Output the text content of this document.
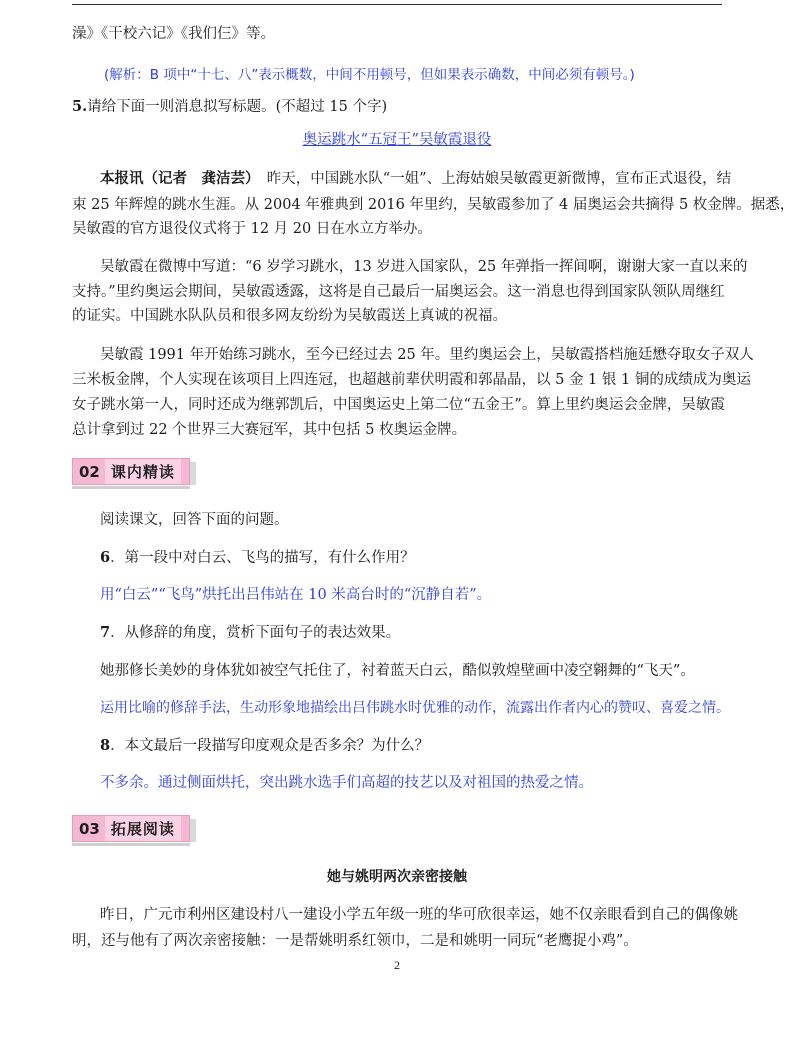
澡》《干校六记》《我们仨》等。
(解析：B 项中“十七、八”表示概数，中间不用顿号，但如果表示确数，中间必须有顿号。)
5.请给下面一则消息拟写标题。(不超过 15 个字)
奥运跳水“五冠王”吴敏霞退役
本报讯（记者　龚洁芸）　昨天，中国跳水队“一姐”、上海姑娘吴敏霞更新微博，宣布正式退役，结
束 25 年辉煌的跳水生涯。从 2004 年雅典到 2016 年里约，吴敏霞参加了 4 届奥运会共摘得 5 枚金牌。据悉，
吴敏霞的官方退役仪式将于 12 月 20 日在水立方举办。
吴敏霞在微博中写道：“6 岁学习跳水，13 岁进入国家队，25 年弹指一挥间啊，谢谢大家一直以来的
支持。”里约奥运会期间，吴敏霞透露，这将是自己最后一届奥运会。这一消息也得到国家队领队周继红
的证实。中国跳水队队员和很多网友纷纷为吴敏霞送上真诚的祝福。
吴敏霞 1991 年开始练习跳水，至今已经过去 25 年。里约奥运会上，吴敏霞搭档施廷懋夺取女子双人
三米板金牌，个人实现在该项目上四连冠，也超越前辈伏明霞和郭晶晶，以 5 金 1 银 1 铜的成绩成为奥运
女子跳水第一人，同时还成为继郭凯后，中国奥运史上第二位“五金王”。算上里约奥运会金牌，吴敏霞
总计拿到过 22 个世界三大赛冠军，其中包括 5 枚奥运金牌。
02 课内精读
阅读课文，回答下面的问题。
6．第一段中对白云、飞鸟的描写，有什么作用？
用“白云”“飞鸟”烘托出吕伟站在 10 米高台时的“沉静自若”。
7．从修辞的角度，赏析下面句子的表达效果。
她那修长美妙的身体犹如被空气托住了，衬着蓝天白云，酷似敦煌壁画中凌空翱舞的“飞天”。
运用比喻的修辞手法，生动形象地描绘出吕伟跳水时优雅的动作，流露出作者内心的赞叹、喜爱之情。
8．本文最后一段描写印度观众是否多余？为什么？
不多余。通过侧面烘托，突出跳水选手们高超的技艺以及对祖国的热爱之情。
03 拓展阅读
她与姚明两次亲密接触
昨日，广元市利州区建设村八一建设小学五年级一班的华可欣很幸运，她不仅亲眼看到自己的偶像姚
明，还与他有了两次亲密接触：一是帮姚明系红领巾，二是和姚明一同玩“老鹰捉小鸡”。
2
